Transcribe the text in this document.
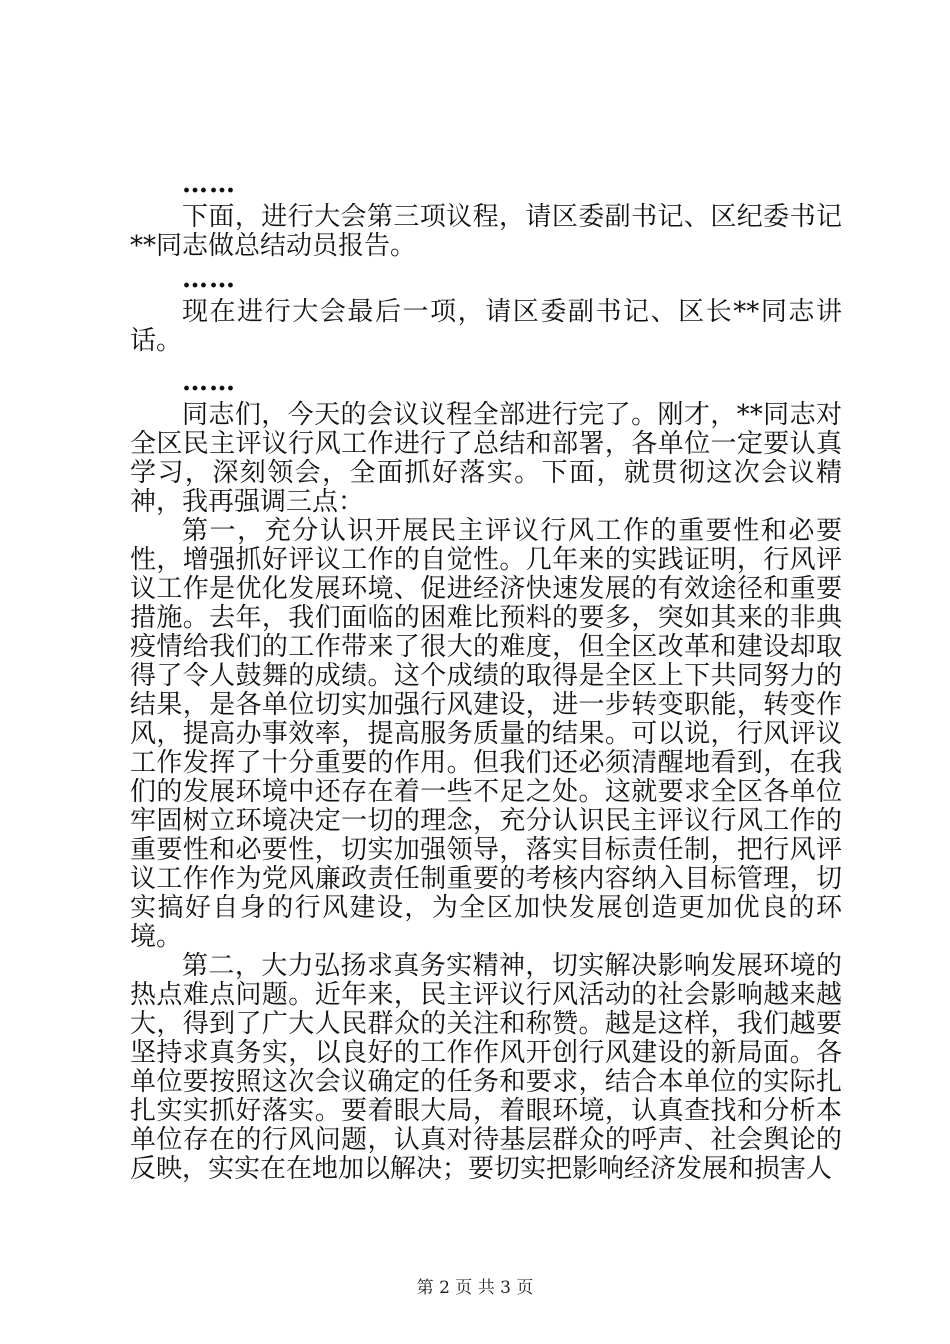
……

下面，进行大会第三项议程，请区委副书记、区纪委书记**同志做总结动员报告。

……

现在进行大会最后一项，请区委副书记、区长**同志讲话。

……

同志们，今天的会议议程全部进行完了。刚才，**同志对全区民主评议行风工作进行了总结和部署，各单位一定要认真学习，深刻领会，全面抓好落实。下面，就贯彻这次会议精神，我再强调三点：

第一，充分认识开展民主评议行风工作的重要性和必要性，增强抓好评议工作的自觉性。几年来的实践证明，行风评议工作是优化发展环境、促进经济快速发展的有效途径和重要措施。去年，我们面临的困难比预料的要多，突如其来的非典疫情给我们的工作带来了很大的难度，但全区改革和建设却取得了令人鼓舞的成绩。这个成绩的取得是全区上下共同努力的结果，是各单位切实加强行风建设，进一步转变职能，转变作风，提高办事效率，提高服务质量的结果。可以说，行风评议工作发挥了十分重要的作用。但我们还必须清醒地看到，在我们的发展环境中还存在着一些不足之处。这就要求全区各单位牢固树立环境决定一切的理念，充分认识民主评议行风工作的重要性和必要性，切实加强领导，落实目标责任制，把行风评议工作作为党风廉政责任制重要的考核内容纳入目标管理，切实搞好自身的行风建设，为全区加快发展创造更加优良的环境。

第二，大力弘扬求真务实精神，切实解决影响发展环境的热点难点问题。近年来，民主评议行风活动的社会影响越来越大，得到了广大人民群众的关注和称赞。越是这样，我们越要坚持求真务实，以良好的工作作风开创行风建设的新局面。各单位要按照这次会议确定的任务和要求，结合本单位的实际扎扎实实抓好落实。要着眼大局，着眼环境，认真查找和分析本单位存在的行风问题，认真对待基层群众的呼声、社会舆论的反映，实实在在地加以解决；要切实把影响经济发展和损害人

第 2 页 共 3 页
